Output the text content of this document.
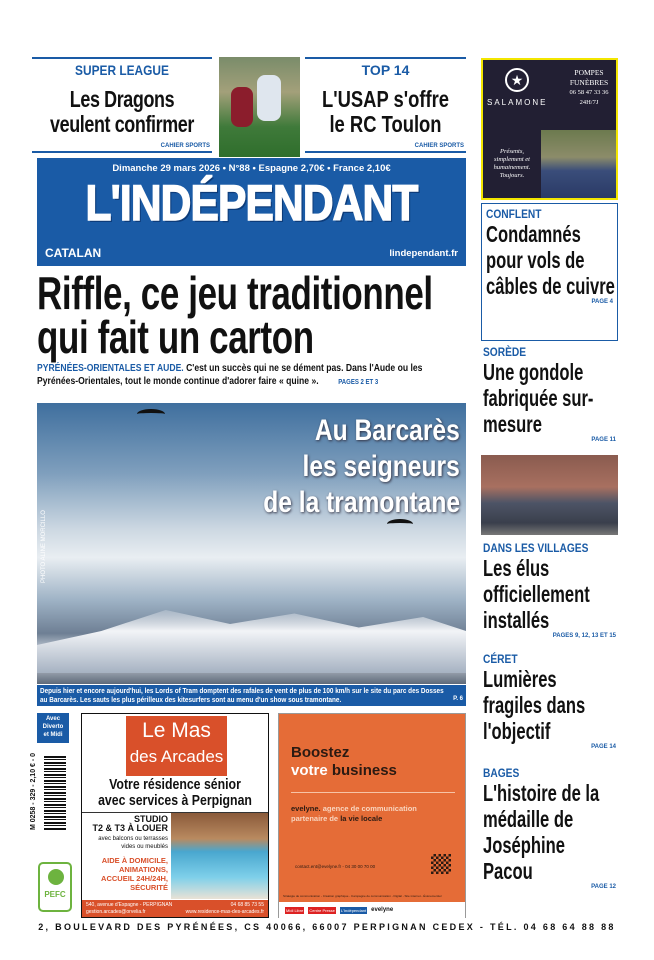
SUPER LEAGUE
Les Dragons
veulent confirmer
CAHIER SPORTS
TOP 14
L'USAP s'offre
le RC Toulon
CAHIER SPORTS
Dimanche 29 mars 2026 • N°88 • Espagne 2,70€ • France 2,10€
L'INDÉPENDANT
CATALAN	lindependant.fr
Riffle, ce jeu traditionnel
qui fait un carton
PYRÉNÉES-ORIENTALES ET AUDE. C'est un succès qui ne se dément pas. Dans l'Aude ou les Pyrénées-Orientales, tout le monde continue d'adorer faire « quine ».	PAGES 2 ET 3
Au Barcarès
les seigneurs
de la tramontane
PHOTO ALINE MORCILLO
Depuis hier et encore aujourd'hui, les Lords of Tram domptent des rafales de vent de plus de 100 km/h sur le site du parc des Dosses au Barcarès. Les sauts les plus périlleux des kitesurfers sont au menu d'un show sous tramontane.	P. 6
Avec
Diverto
et Midi
M 0258 - 329 - 2,10 € - 0
PEFC
Le Mas
des Arcades
Votre résidence sénior
avec services à Perpignan
STUDIO
T2 & T3 À LOUER
avec balcons ou terrasses vides ou meublés
AIDE À DOMICILE, ANIMATIONS, ACCUEIL 24H/24H, SÉCURITÉ
540, avenue d'Espagne - PERPIGNAN	04 68 85 73 55

gestion.arcades@orvelia.fr	www.residence-mas-des-arcades.fr
Boostez
votre business
evelyne. agence de communication
partenaire de la vie locale
contact.ent@evelyne.fr - 04 30 00 70 00
Stratégie de communication - Création graphique - Campagne de communication - Digital - Site internet - Évènementiel
Midi Libre Centre Presse L'Indépendant evelyne
★
SALAMONE
POMPES
FUNÈBRES
06 58 47 33 36
24H/7J
Présents, simplement et humainement. Toujours.
CONFLENT
Condamnés pour vols de câbles de cuivre
PAGE 4
SORÈDE
Une gondole fabriquée sur-mesure
PAGE 11
DANS LES VILLAGES
Les élus officiellement installés
PAGES 9, 12, 13 ET 15
CÉRET
Lumières fragiles dans l'objectif
PAGE 14
BAGES
L'histoire de la médaille de Joséphine Pacou
PAGE 12
2, BOULEVARD DES PYRÉNÉES, CS 40066, 66007 PERPIGNAN CEDEX - TÉL. 04 68 64 88 88
